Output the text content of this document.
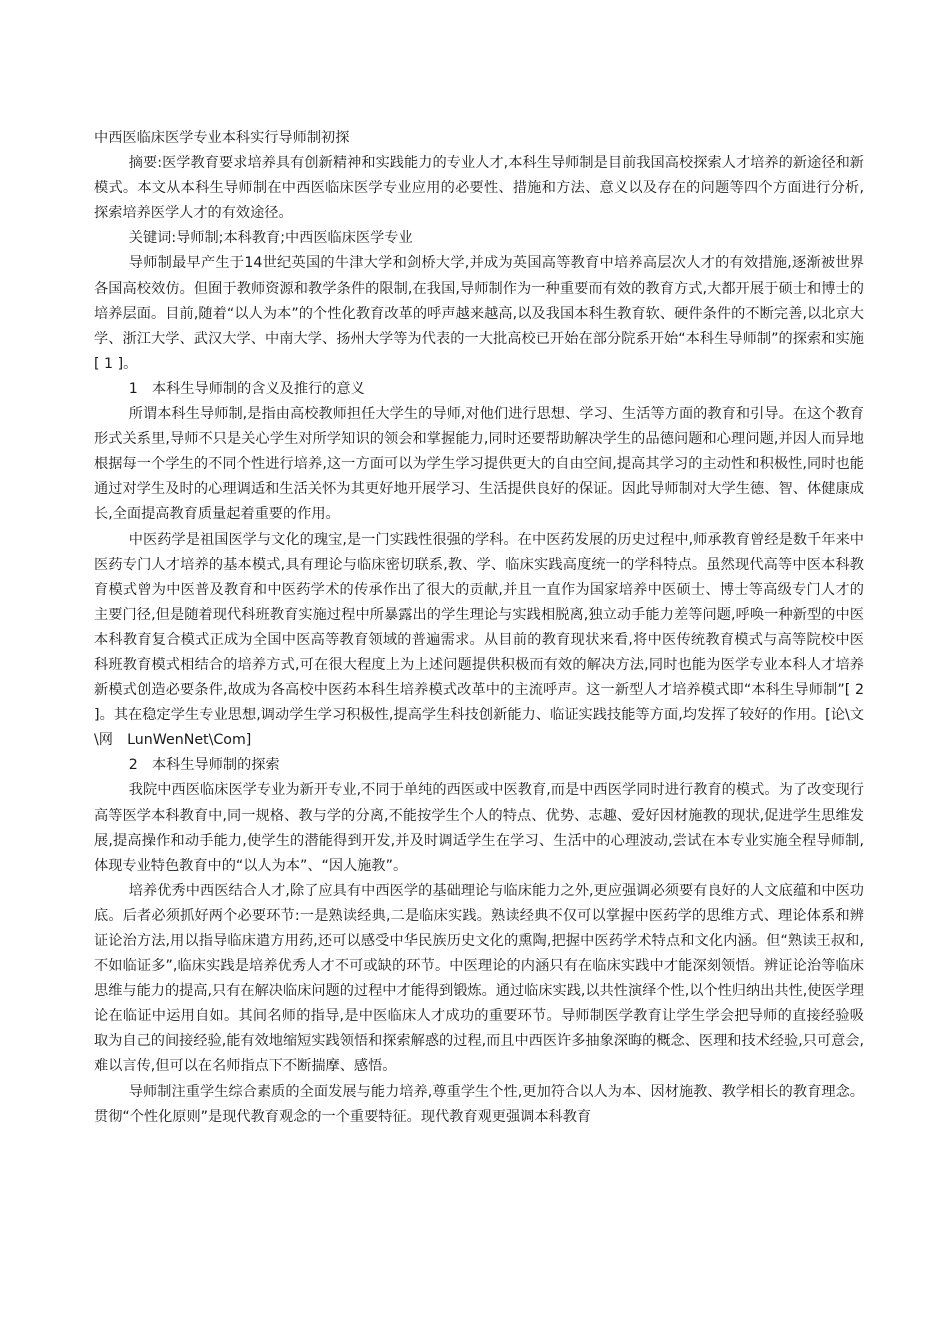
中西医临床医学专业本科实行导师制初探

摘要:医学教育要求培养具有创新精神和实践能力的专业人才,本科生导师制是目前我国高校探索人才培养的新途径和新模式。本文从本科生导师制在中西医临床医学专业应用的必要性、措施和方法、意义以及存在的问题等四个方面进行分析,探索培养医学人才的有效途径。

关键词:导师制;本科教育;中西医临床医学专业

导师制最早产生于14世纪英国的牛津大学和剑桥大学,并成为英国高等教育中培养高层次人才的有效措施,逐渐被世界各国高校效仿。但囿于教师资源和教学条件的限制,在我国,导师制作为一种重要而有效的教育方式,大都开展于硕士和博士的培养层面。目前,随着“以人为本”的个性化教育改革的呼声越来越高,以及我国本科生教育软、硬件条件的不断完善,以北京大学、浙江大学、武汉大学、中南大学、扬州大学等为代表的一大批高校已开始在部分院系开始“本科生导师制”的探索和实施[ 1 ]。

1　本科生导师制的含义及推行的意义

所谓本科生导师制,是指由高校教师担任大学生的导师,对他们进行思想、学习、生活等方面的教育和引导。在这个教育形式关系里,导师不只是关心学生对所学知识的领会和掌握能力,同时还要帮助解决学生的品德问题和心理问题,并因人而异地根据每一个学生的不同个性进行培养,这一方面可以为学生学习提供更大的自由空间,提高其学习的主动性和积极性,同时也能通过对学生及时的心理调适和生活关怀为其更好地开展学习、生活提供良好的保证。因此导师制对大学生德、智、体健康成长,全面提高教育质量起着重要的作用。

中医药学是祖国医学与文化的瑰宝,是一门实践性很强的学科。在中医药发展的历史过程中,师承教育曾经是数千年来中医药专门人才培养的基本模式,具有理论与临床密切联系,教、学、临床实践高度统一的学科特点。虽然现代高等中医本科教育模式曾为中医普及教育和中医药学术的传承作出了很大的贡献,并且一直作为国家培养中医硕士、博士等高级专门人才的主要门径,但是随着现代科班教育实施过程中所暴露出的学生理论与实践相脱离,独立动手能力差等问题,呼唤一种新型的中医本科教育复合模式正成为全国中医高等教育领域的普遍需求。从目前的教育现状来看,将中医传统教育模式与高等院校中医科班教育模式相结合的培养方式,可在很大程度上为上述问题提供积极而有效的解决方法,同时也能为医学专业本科人才培养新模式创造必要条件,故成为各高校中医药本科生培养模式改革中的主流呼声。这一新型人才培养模式即“本科生导师制”[ 2 ]。其在稳定学生专业思想,调动学生学习积极性,提高学生科技创新能力、临证实践技能等方面,均发挥了较好的作用。[论\文\网　LunWenNet\Com]

2　本科生导师制的探索

我院中西医临床医学专业为新开专业,不同于单纯的西医或中医教育,而是中西医学同时进行教育的模式。为了改变现行高等医学本科教育中,同一规格、教与学的分离,不能按学生个人的特点、优势、志趣、爱好因材施教的现状,促进学生思维发展,提高操作和动手能力,使学生的潜能得到开发,并及时调适学生在学习、生活中的心理波动,尝试在本专业实施全程导师制,体现专业特色教育中的“以人为本”、“因人施教”。

培养优秀中西医结合人才,除了应具有中西医学的基础理论与临床能力之外,更应强调必须要有良好的人文底蕴和中医功底。后者必须抓好两个必要环节:一是熟读经典,二是临床实践。熟读经典不仅可以掌握中医药学的思维方式、理论体系和辨证论治方法,用以指导临床遣方用药,还可以感受中华民族历史文化的熏陶,把握中医药学术特点和文化内涵。但“熟读王叔和,不如临证多”,临床实践是培养优秀人才不可或缺的环节。中医理论的内涵只有在临床实践中才能深刻领悟。辨证论治等临床思维与能力的提高,只有在解决临床问题的过程中才能得到锻炼。通过临床实践,以共性演绎个性,以个性归纳出共性,使医学理论在临证中运用自如。其间名师的指导,是中医临床人才成功的重要环节。导师制医学教育让学生学会把导师的直接经验吸取为自己的间接经验,能有效地缩短实践领悟和探索解惑的过程,而且中西医许多抽象深晦的概念、医理和技术经验,只可意会,难以言传,但可以在名师指点下不断揣摩、感悟。

导师制注重学生综合素质的全面发展与能力培养,尊重学生个性,更加符合以人为本、因材施教、教学相长的教育理念。贯彻“个性化原则”是现代教育观念的一个重要特征。现代教育观更强调本科教育
